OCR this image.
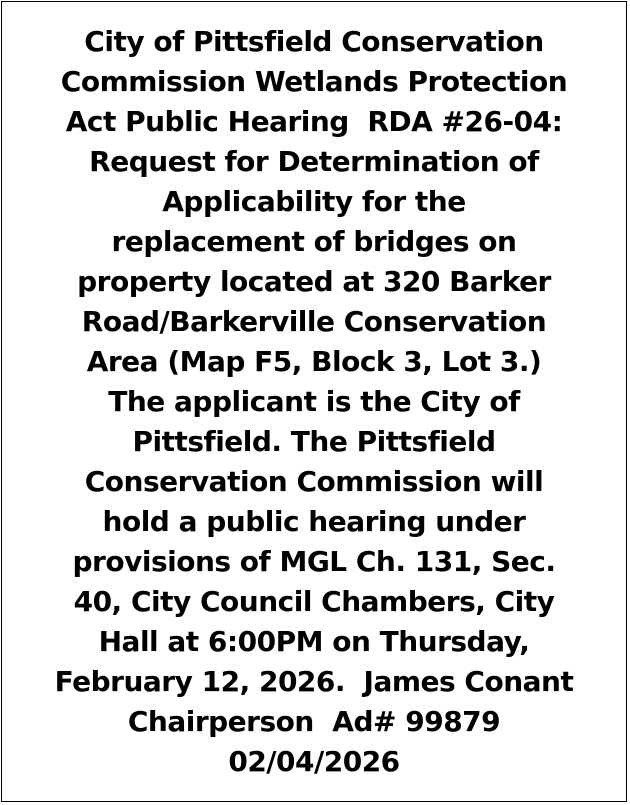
City of Pittsfield Conservation
Commission Wetlands Protection
Act Public Hearing  RDA #26-04:
Request for Determination of
Applicability for the
replacement of bridges on
property located at 320 Barker
Road/Barkerville Conservation
Area (Map F5, Block 3, Lot 3.)
The applicant is the City of
Pittsfield. The Pittsfield
Conservation Commission will
hold a public hearing under
provisions of MGL Ch. 131, Sec.
40, City Council Chambers, City
Hall at 6:00PM on Thursday,
February 12, 2026.  James Conant
Chairperson  Ad# 99879
02/04/2026
